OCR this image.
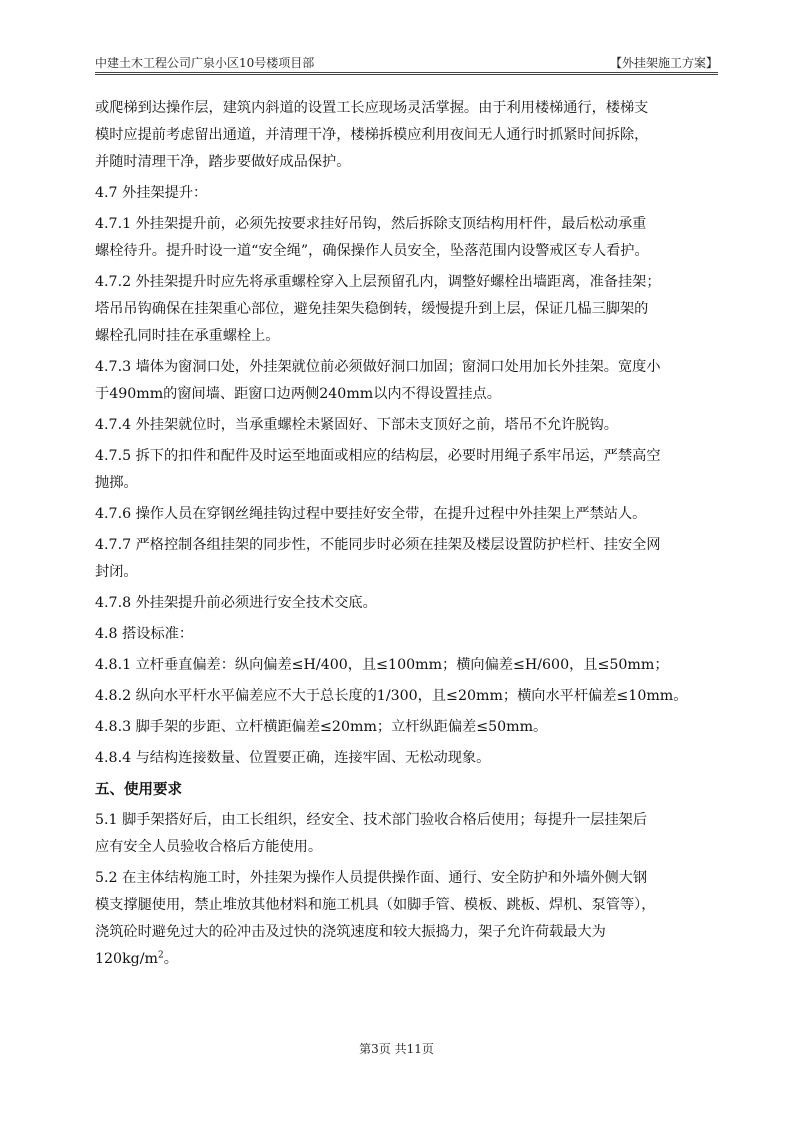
中建土木工程公司广泉小区10号楼项目部	【外挂架施工方案】
或爬梯到达操作层，建筑内斜道的设置工长应现场灵活掌握。由于利用楼梯通行，楼梯支
模时应提前考虑留出通道，并清理干净，楼梯拆模应利用夜间无人通行时抓紧时间拆除，
并随时清理干净，踏步要做好成品保护。
4.7 外挂架提升：
4.7.1 外挂架提升前，必须先按要求挂好吊钩，然后拆除支顶结构用杆件，最后松动承重
螺栓待升。提升时设一道“安全绳”，确保操作人员安全，坠落范围内设警戒区专人看护。
4.7.2 外挂架提升时应先将承重螺栓穿入上层预留孔内，调整好螺栓出墙距离，准备挂架；
塔吊吊钩确保在挂架重心部位，避免挂架失稳倒转，缓慢提升到上层，保证几榀三脚架的
螺栓孔同时挂在承重螺栓上。
4.7.3 墙体为窗洞口处，外挂架就位前必须做好洞口加固；窗洞口处用加长外挂架。宽度小
于490mm的窗间墙、距窗口边两侧240mm以内不得设置挂点。
4.7.4 外挂架就位时，当承重螺栓未紧固好、下部未支顶好之前，塔吊不允许脱钩。
4.7.5 拆下的扣件和配件及时运至地面或相应的结构层，必要时用绳子系牢吊运，严禁高空
抛掷。
4.7.6 操作人员在穿钢丝绳挂钩过程中要挂好安全带，在提升过程中外挂架上严禁站人。
4.7.7 严格控制各组挂架的同步性，不能同步时必须在挂架及楼层设置防护栏杆、挂安全网
封闭。
4.7.8 外挂架提升前必须进行安全技术交底。
4.8 搭设标准：
4.8.1 立杆垂直偏差：纵向偏差≤H/400，且≤100mm；横向偏差≤H/600，且≤50mm；
4.8.2 纵向水平杆水平偏差应不大于总长度的1/300，且≤20mm；横向水平杆偏差≤10mm。
4.8.3 脚手架的步距、立杆横距偏差≤20mm；立杆纵距偏差≤50mm。
4.8.4 与结构连接数量、位置要正确，连接牢固、无松动现象。
五、使用要求
5.1 脚手架搭好后，由工长组织，经安全、技术部门验收合格后使用；每提升一层挂架后
应有安全人员验收合格后方能使用。
5.2 在主体结构施工时，外挂架为操作人员提供操作面、通行、安全防护和外墙外侧大钢
模支撑腿使用，禁止堆放其他材料和施工机具（如脚手管、模板、跳板、焊机、泵管等），
浇筑砼时避免过大的砼冲击及过快的浇筑速度和较大振捣力，架子允许荷载最大为
$120kg/m^2$。
第3页 共11页
